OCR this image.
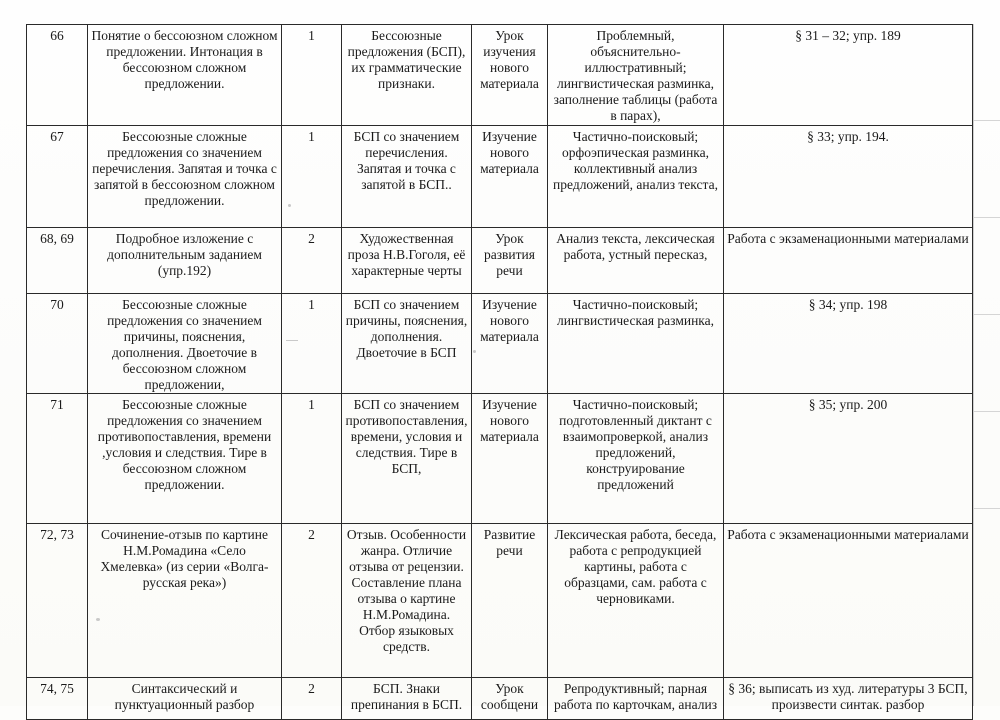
66	Понятие о бессоюзном сложном предложении. Интонация в бессоюзном сложном предложении.	1	Бессоюзные предложения (БСП), их грамматические признаки.	Урок изучения нового материала	Проблемный, объяснительно-иллюстративный; лингвистическая разминка, заполнение таблицы (работа в парах),	§ 31 – 32; упр. 189
67	Бессоюзные сложные предложения со значением перечисления. Запятая и точка с запятой в бессоюзном сложном предложении.	1	БСП со значением перечисления. Запятая и точка с запятой в БСП..	Изучение нового материала	Частично-поисковый; орфоэпическая разминка, коллективный анализ предложений, анализ текста,	§ 33; упр. 194.
68, 69	Подробное изложение с дополнительным заданием (упр.192)	2	Художественная проза Н.В.Гоголя, её характерные черты	Урок развития речи	Анализ текста, лексическая работа, устный пересказ,	Работа с экзаменационными материалами
70	Бессоюзные сложные предложения со значением причины, пояснения, дополнения. Двоеточие в бессоюзном сложном предложении,	1	БСП со значением причины, пояснения, дополнения. Двоеточие в БСП	Изучение нового материала	Частично-поисковый; лингвистическая разминка,	§ 34; упр. 198
71	Бессоюзные сложные предложения со значением противопоставления, времени ,условия и следствия. Тире в бессоюзном сложном предложении.	1	БСП со значением противопоставления, времени, условия и следствия. Тире в БСП,	Изучение нового материала	Частично-поисковый; подготовленный диктант с взаимопроверкой, анализ предложений, конструирование предложений	§ 35; упр. 200
72, 73	Сочинение-отзыв по картине Н.М.Ромадина «Село Хмелевка» (из серии «Волга-русская река»)	2	Отзыв. Особенности жанра. Отличие отзыва от рецензии. Составление плана отзыва о картине Н.М.Ромадина. Отбор языковых средств.	Развитие речи	Лексическая работа, беседа, работа с репродукцией картины, работа с образцами, сам. работа с черновиками.	Работа с экзаменационными материалами
74, 75	Синтаксический и пунктуационный разбор	2	БСП. Знаки препинания в БСП.	Урок сообщени	Репродуктивный; парная работа по карточкам, анализ	§ 36; выписать из худ. литературы 3 БСП, произвести синтак. разбор
